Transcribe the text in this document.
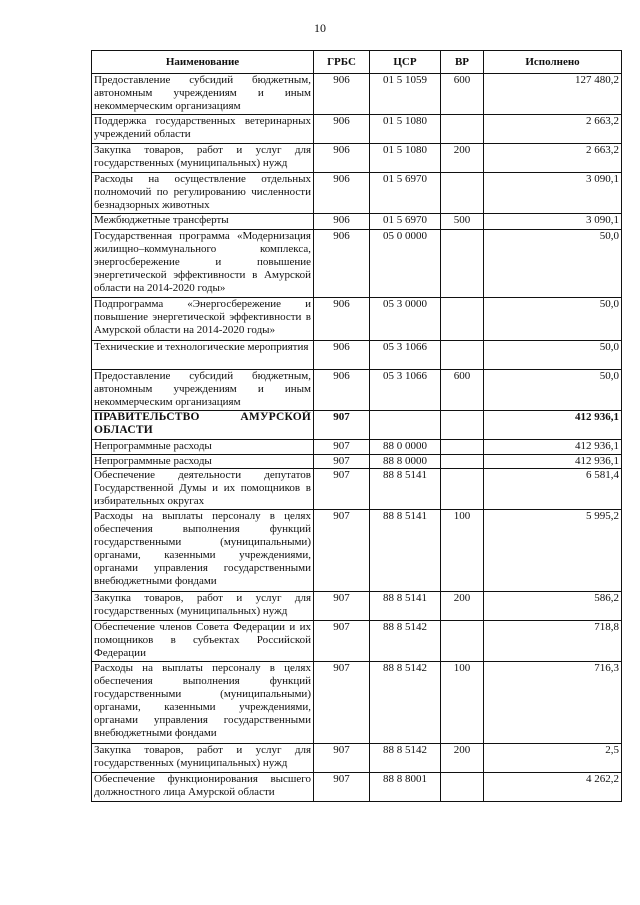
10
Наименование	ГРБС	ЦСР	ВР	Исполнено
Предоставление субсидий бюджетным, автономным учреждениям и иным некоммерческим организациям	906	01 5 1059	600	127 480,2
Поддержка государственных ветеринарных учреждений области	906	01 5 1080		2 663,2
Закупка товаров, работ и услуг для государственных (муниципальных) нужд	906	01 5 1080	200	2 663,2
Расходы на осуществление отдельных полномочий по регулированию численности безнадзорных животных	906	01 5 6970		3 090,1
Межбюджетные трансферты	906	01 5 6970	500	3 090,1
Государственная программа «Модернизация жилищно–коммунального комплекса, энергосбережение и повышение энергетической эффективности в Амурской области на 2014-2020 годы»	906	05 0 0000		50,0
Подпрограмма «Энергосбережение и повышение энергетической эффективности в Амурской области на 2014-2020 годы»	906	05 3 0000		50,0
Технические и технологические мероприятия	906	05 3 1066		50,0
Предоставление субсидий бюджетным, автономным учреждениям и иным некоммерческим организациям	906	05 3 1066	600	50,0
ПРАВИТЕЛЬСТВО АМУРСКОЙ ОБЛАСТИ	907			412 936,1
Непрограммные расходы	907	88 0 0000		412 936,1
Непрограммные расходы	907	88 8 0000		412 936,1
Обеспечение деятельности депутатов Государственной Думы и их помощников в избирательных округах	907	88 8 5141		6 581,4
Расходы на выплаты персоналу в целях обеспечения выполнения функций государственными (муниципальными) органами, казенными учреждениями, органами управления государственными внебюджетными фондами	907	88 8 5141	100	5 995,2
Закупка товаров, работ и услуг для государственных (муниципальных) нужд	907	88 8 5141	200	586,2
Обеспечение членов Совета Федерации и их помощников в субъектах Российской Федерации	907	88 8 5142		718,8
Расходы на выплаты персоналу в целях обеспечения выполнения функций государственными (муниципальными) органами, казенными учреждениями, органами управления государственными внебюджетными фондами	907	88 8 5142	100	716,3
Закупка товаров, работ и услуг для государственных (муниципальных) нужд	907	88 8 5142	200	2,5
Обеспечение функционирования высшего должностного лица Амурской области	907	88 8 8001		4 262,2
